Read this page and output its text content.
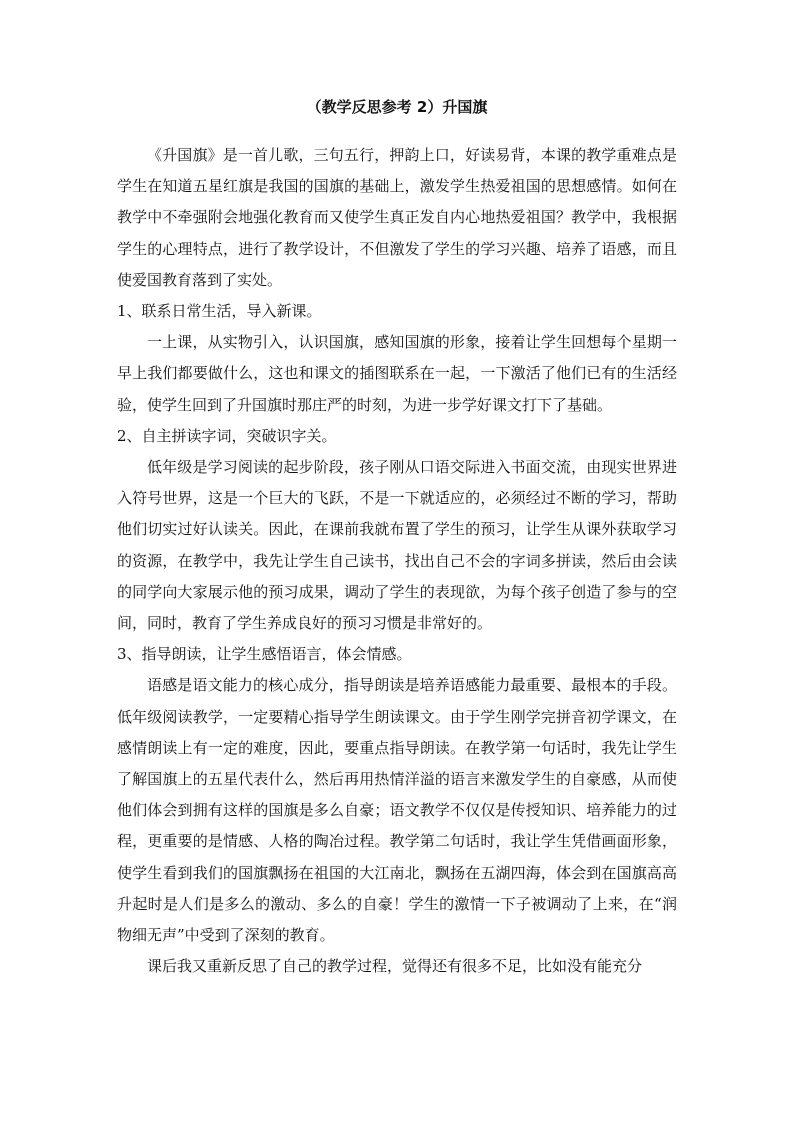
（教学反思参考 2）升国旗

《升国旗》是一首儿歌，三句五行，押韵上口，好读易背，本课的教学重难点是学生在知道五星红旗是我国的国旗的基础上，激发学生热爱祖国的思想感情。如何在教学中不牵强附会地强化教育而又使学生真正发自内心地热爱祖国？教学中，我根据学生的心理特点，进行了教学设计，不但激发了学生的学习兴趣、培养了语感，而且使爱国教育落到了实处。

1、联系日常生活，导入新课。

一上课，从实物引入，认识国旗，感知国旗的形象，接着让学生回想每个星期一早上我们都要做什么，这也和课文的插图联系在一起，一下激活了他们已有的生活经验，使学生回到了升国旗时那庄严的时刻，为进一步学好课文打下了基础。

2、自主拼读字词，突破识字关。

低年级是学习阅读的起步阶段，孩子刚从口语交际进入书面交流，由现实世界进入符号世界，这是一个巨大的飞跃，不是一下就适应的，必须经过不断的学习，帮助他们切实过好认读关。因此，在课前我就布置了学生的预习，让学生从课外获取学习的资源，在教学中，我先让学生自己读书，找出自己不会的字词多拼读，然后由会读的同学向大家展示他的预习成果，调动了学生的表现欲，为每个孩子创造了参与的空间，同时，教育了学生养成良好的预习习惯是非常好的。

3、指导朗读，让学生感悟语言，体会情感。

语感是语文能力的核心成分，指导朗读是培养语感能力最重要、最根本的手段。低年级阅读教学，一定要精心指导学生朗读课文。由于学生刚学完拼音初学课文，在感情朗读上有一定的难度，因此，要重点指导朗读。在教学第一句话时，我先让学生了解国旗上的五星代表什么，然后再用热情洋溢的语言来激发学生的自豪感，从而使他们体会到拥有这样的国旗是多么自豪；语文教学不仅仅是传授知识、培养能力的过程，更重要的是情感、人格的陶冶过程。教学第二句话时，我让学生凭借画面形象，使学生看到我们的国旗飘扬在祖国的大江南北，飘扬在五湖四海，体会到在国旗高高升起时是人们是多么的激动、多么的自豪！学生的激情一下子被调动了上来，在“润物细无声”中受到了深刻的教育。

课后我又重新反思了自己的教学过程，觉得还有很多不足，比如没有能充分
